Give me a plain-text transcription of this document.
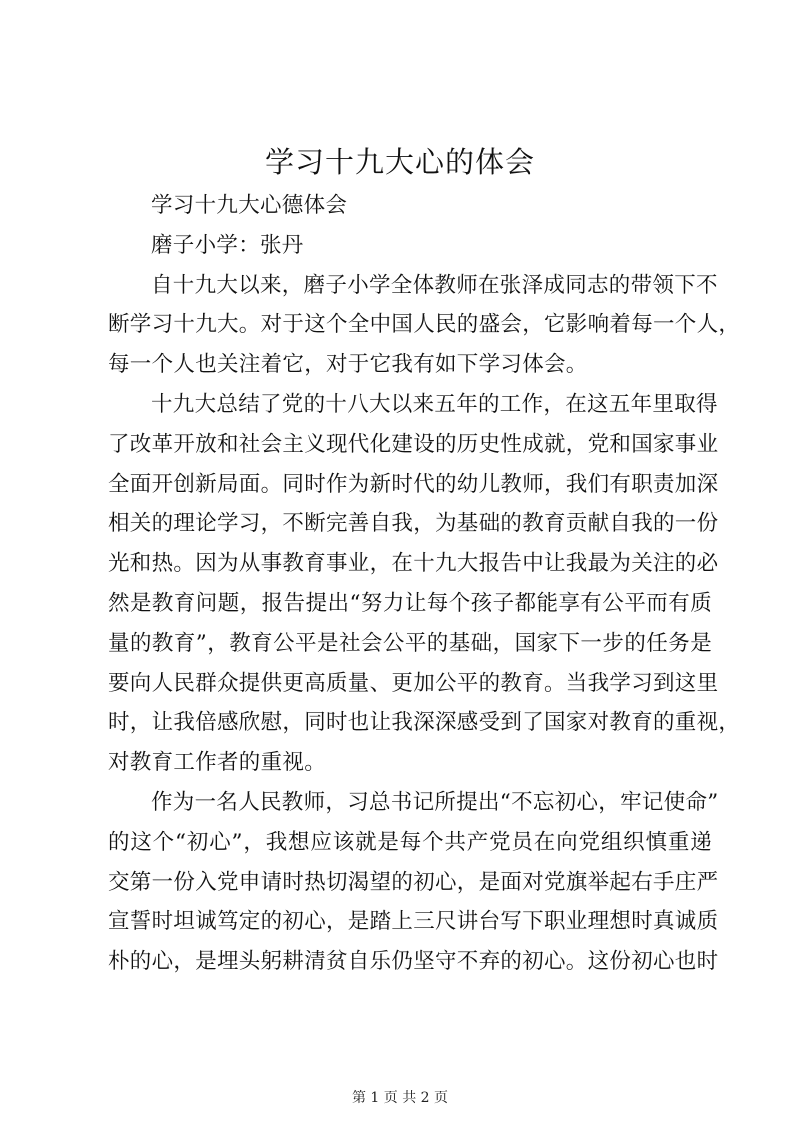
学习十九大心的体会
学习十九大心德体会
磨子小学：张丹
自十九大以来，磨子小学全体教师在张泽成同志的带领下不
断学习十九大。对于这个全中国人民的盛会，它影响着每一个人，
每一个人也关注着它，对于它我有如下学习体会。
十九大总结了党的十八大以来五年的工作，在这五年里取得
了改革开放和社会主义现代化建设的历史性成就，党和国家事业
全面开创新局面。同时作为新时代的幼儿教师，我们有职责加深
相关的理论学习，不断完善自我，为基础的教育贡献自我的一份
光和热。因为从事教育事业，在十九大报告中让我最为关注的必
然是教育问题，报告提出“努力让每个孩子都能享有公平而有质
量的教育”，教育公平是社会公平的基础，国家下一步的任务是
要向人民群众提供更高质量、更加公平的教育。当我学习到这里
时，让我倍感欣慰，同时也让我深深感受到了国家对教育的重视，
对教育工作者的重视。
作为一名人民教师，习总书记所提出“不忘初心，牢记使命”
的这个“初心”，我想应该就是每个共产党员在向党组织慎重递
交第一份入党申请时热切渴望的初心，是面对党旗举起右手庄严
宣誓时坦诚笃定的初心，是踏上三尺讲台写下职业理想时真诚质
朴的心，是埋头躬耕清贫自乐仍坚守不弃的初心。这份初心也时
第 1 页 共 2 页
